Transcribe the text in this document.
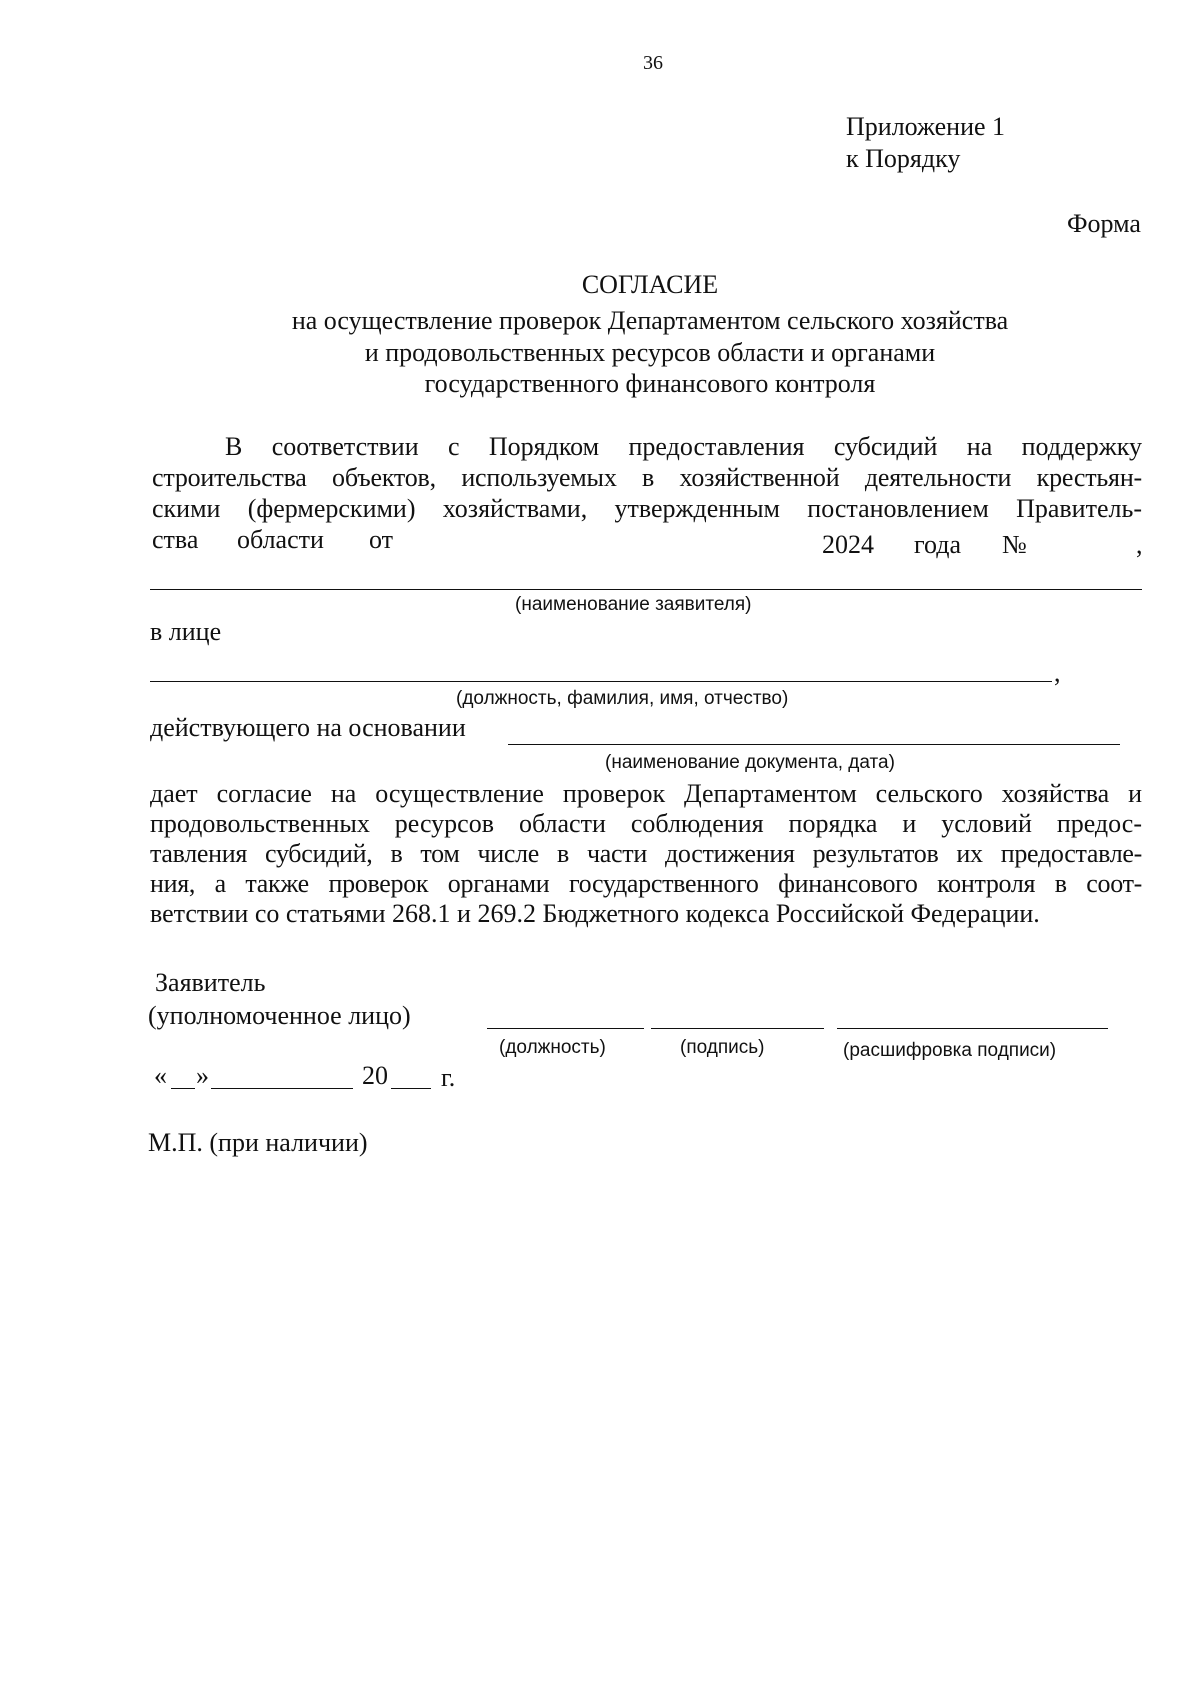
36
Приложение 1
к Порядку
Форма
СОГЛАСИЕ
на осуществление проверок Департаментом сельского хозяйства
и продовольственных ресурсов области и органами
государственного финансового контроля
В соответствии с Порядком предоставления субсидий на поддержку
строительства объектов, используемых в хозяйственной деятельности крестьян-
скими (фермерскими) хозяйствами, утвержденным постановлением Правитель-
ства области от	2024 года №	,
(наименование заявителя)
в лице
,
(должность, фамилия, имя, отчество)
действующего на основании
(наименование документа, дата)
дает согласие на осуществление проверок Департаментом сельского хозяйства и
продовольственных ресурсов области соблюдения порядка и условий предос-
тавления субсидий, в том числе в части достижения результатов их предоставле-
ния, а также проверок органами государственного финансового контроля в соот-
ветствии со статьями 268.1 и 269.2 Бюджетного кодекса Российской Федерации.
Заявитель
(уполномоченное лицо)
(должность)	(подпись)	(расшифровка подписи)
« »	20 г.
М.П. (при наличии)
